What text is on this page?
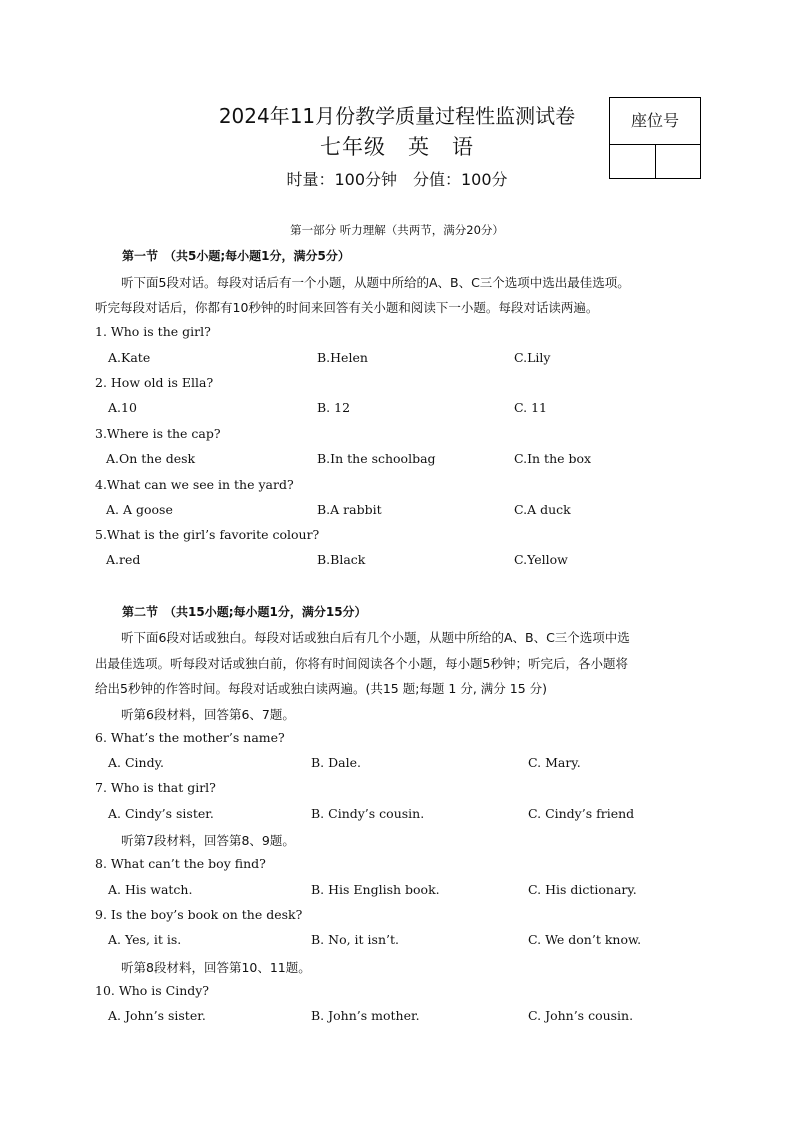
2024年11月份教学质量过程性监测试卷
七年级　英　语
时量：100分钟　分值：100分
座位号
第一部分 听力理解（共两节，满分20分）
第一节　（共5小题;每小题1分，满分5分）
听下面5段对话。每段对话后有一个小题，从题中所给的A、B、C三个选项中选出最佳选项。
听完每段对话后，你都有10秒钟的时间来回答有关小题和阅读下一小题。每段对话读两遍。
1. Who is the girl?
A.Kate	B.Helen	C.Lily
2. How old is Ella?
A.10	B. 12	C. 11
3.Where is the cap?
A.On the desk	B.In the schoolbag	C.In the box
4.What can we see in the yard?
A. A goose	B.A rabbit	C.A duck
5.What is the girl’s favorite colour?
A.red	B.Black	C.Yellow
第二节　（共15小题;每小题1分，满分15分）
听下面6段对话或独白。每段对话或独白后有几个小题，从题中所给的A、B、C三个选项中选
出最佳选项。听每段对话或独白前，你将有时间阅读各个小题，每小题5秒钟；听完后，各小题将
给出5秒钟的作答时间。每段对话或独白读两遍。(共15 题;每题 1 分, 满分 15 分)
听第6段材料，回答第6、7题。
6. What’s the mother’s name?
A. Cindy.	B. Dale.	C. Mary.
7. Who is that girl?
A. Cindy’s sister.	B. Cindy’s cousin.	C. Cindy’s friend
听第7段材料，回答第8、9题。
8. What can’t the boy find?
A. His watch.	B. His English book.	C. His dictionary.
9. Is the boy’s book on the desk?
A. Yes, it is.	B. No, it isn’t.	C. We don’t know.
听第8段材料，回答第10、11题。
10. Who is Cindy?
A. John’s sister.	B. John’s mother.	C. John’s cousin.
